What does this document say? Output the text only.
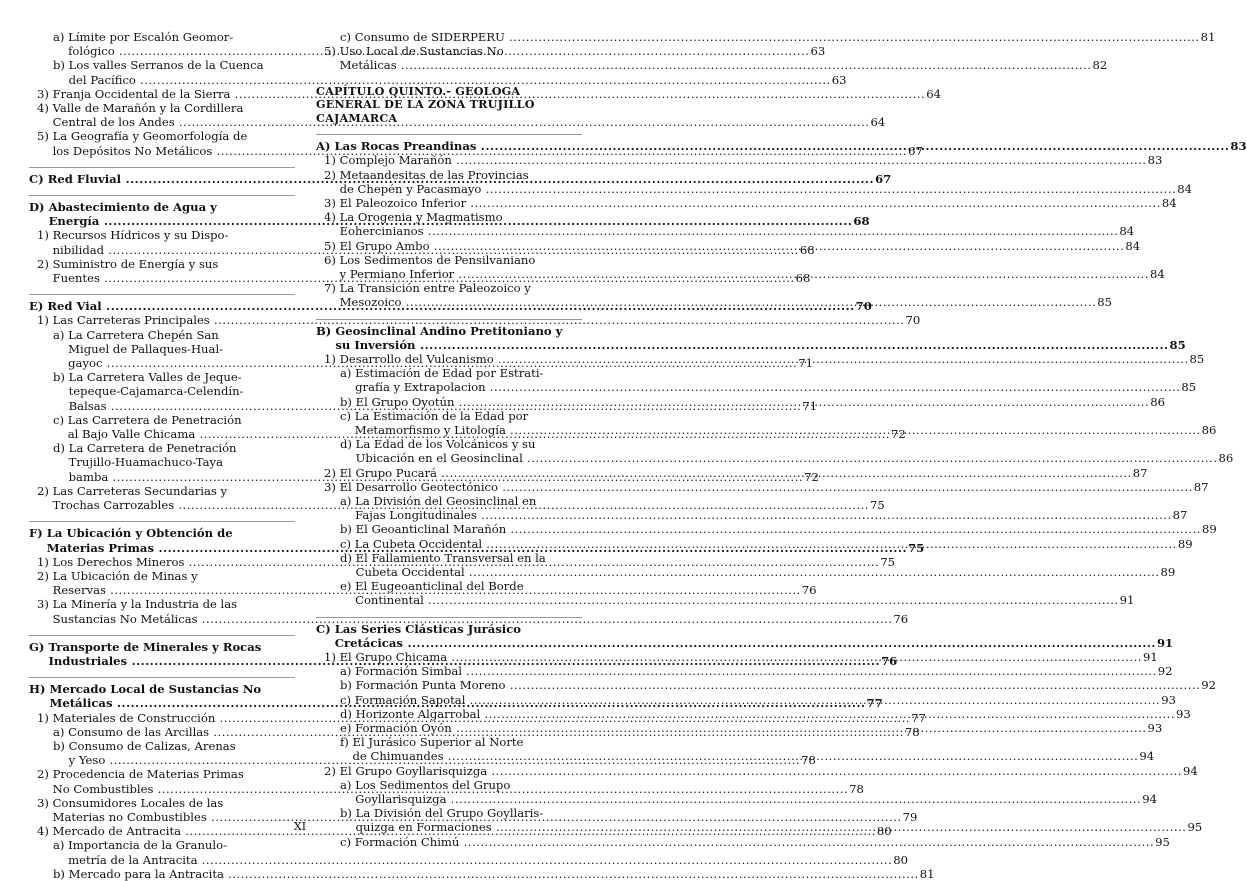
a) Límite por Escalón Geomor-
fológico .....	63
b) Los valles Serranos de la Cuenca
del Pacífico .....	63
3) Franja Occidental de la Sierra .....	64
4) Valle de Marañón y la Cordillera
Central de los Andes .....	64
5) La Geografía y Geomorfología de
los Depósitos No Metálicos .....	67
C) Red Fluvial .....	67
D) Abastecimiento de Agua y
Energía .....	68
1) Recursos Hídricos y su Dispo-
nibilidad .....	68
2) Suministro de Energía y sus
Fuentes .....	68
E) Red Vial .....	70
1) Las Carreteras Principales .....	70
a) La Carretera Chepén San
Miguel de Pallaques-Hual-
gayoc .....	71
b) La Carretera Valles de Jeque-
tepeque-Cajamarca-Celendín-
Balsas .....	71
c) Las Carretera de Penetración
al Bajo Valle Chicama .....	72
d) La Carretera de Penetración
Trujillo-Huamachuco-Taya
bamba .....	72
2) Las Carreteras Secundarias y
Trochas Carrozables .....	75
F) La Ubicación y Obtención de
Materias Primas .....	75
1) Los Derechos Mineros .....	75
2) La Ubicación de Minas y
Reservas .....	76
3) La Minería y la Industria de las
Sustancias No Metálicas .....	76
G) Transporte de Minerales y Rocas
Industriales .....	76
H) Mercado Local de Sustancias No
Metálicas .....	77
1) Materiales de Construcción .....	77
a) Consumo de las Arcillas .....	78
b) Consumo de Calizas, Arenas
y Yeso .....	78
2) Procedencia de Materias Primas
No Combustibles .....	78
3) Consumidores Locales de las
Materias no Combustibles .....	79
4) Mercado de Antracita .....	80
a) Importancia de la Granulo-
metría de la Antracita .....	80
b) Mercado para la Antracita .....	81
c) Consumo de SIDERPERU .....	81
5) Uso Local de Sustancias No
Metálicas .....	82
CAPÍTULO QUINTO.- GEOLOGA
GENERAL DE LA ZONA TRUJILLO
CAJAMARCA
A) Las Rocas Preandinas .....	83
1) Complejo Marañón .....	83
2) Metaandesitas de las Provincias
de Chepén y Pacasmayo .....	84
3) El Paleozoico Inferior .....	84
4) La Orogenia y Magmatismo
Eohercinianos .....	84
5) El Grupo Ambo .....	84
6) Los Sedimentos de Pensilvaniano
y Permiano Inferior .....	84
7) La Transición entre Paleozoico y
Mesozoico .....	85
B) Geosinclinal Andino Pretitoniano y
su Inversión .....	85
1) Desarrollo del Vulcanismo .....	85
a) Estimación de Edad por Estrati-
grafía y Extrapolacion .....	85
b) El Grupo Oyotún .....	86
c) La Estimación de la Edad por
Metamorfismo y Litología .....	86
d) La Edad de los Volcánicos y su
Ubicación en el Geosinclinal .....	86
2) El Grupo Pucará .....	87
3) El Desarrollo Geotectónico .....	87
a) La División del Geosinclinal en
Fajas Longitudinales .....	87
b) El Geoanticlinal Marañón .....	89
c) La Cubeta Occidental .....	89
d) El Fallamiento Transversal en la
Cubeta Occidental .....	89
e) El Eugeoanticlinal del Borde
Continental .....	91
C) Las Series Clásticas Jurásico
Cretácicas .....	91
1) El Grupo Chicama .....	91
a) Formación Simbal .....	92
b) Formación Punta Moreno .....	92
c) Formación Sapotal .....	93
d) Horizonte Algarrobal .....	93
e) Formación Oyón .....	93
f) El Jurásico Superior al Norte
de Chimuandes .....	94
2) El Grupo Goyllarisquizga .....	94
a) Los Sedimentos del Grupo
Goyllarisquizga .....	94
b) La División del Grupo Goyllaris-
quizga en Formaciones .....	95
c) Formación Chimú .....	95
XI
